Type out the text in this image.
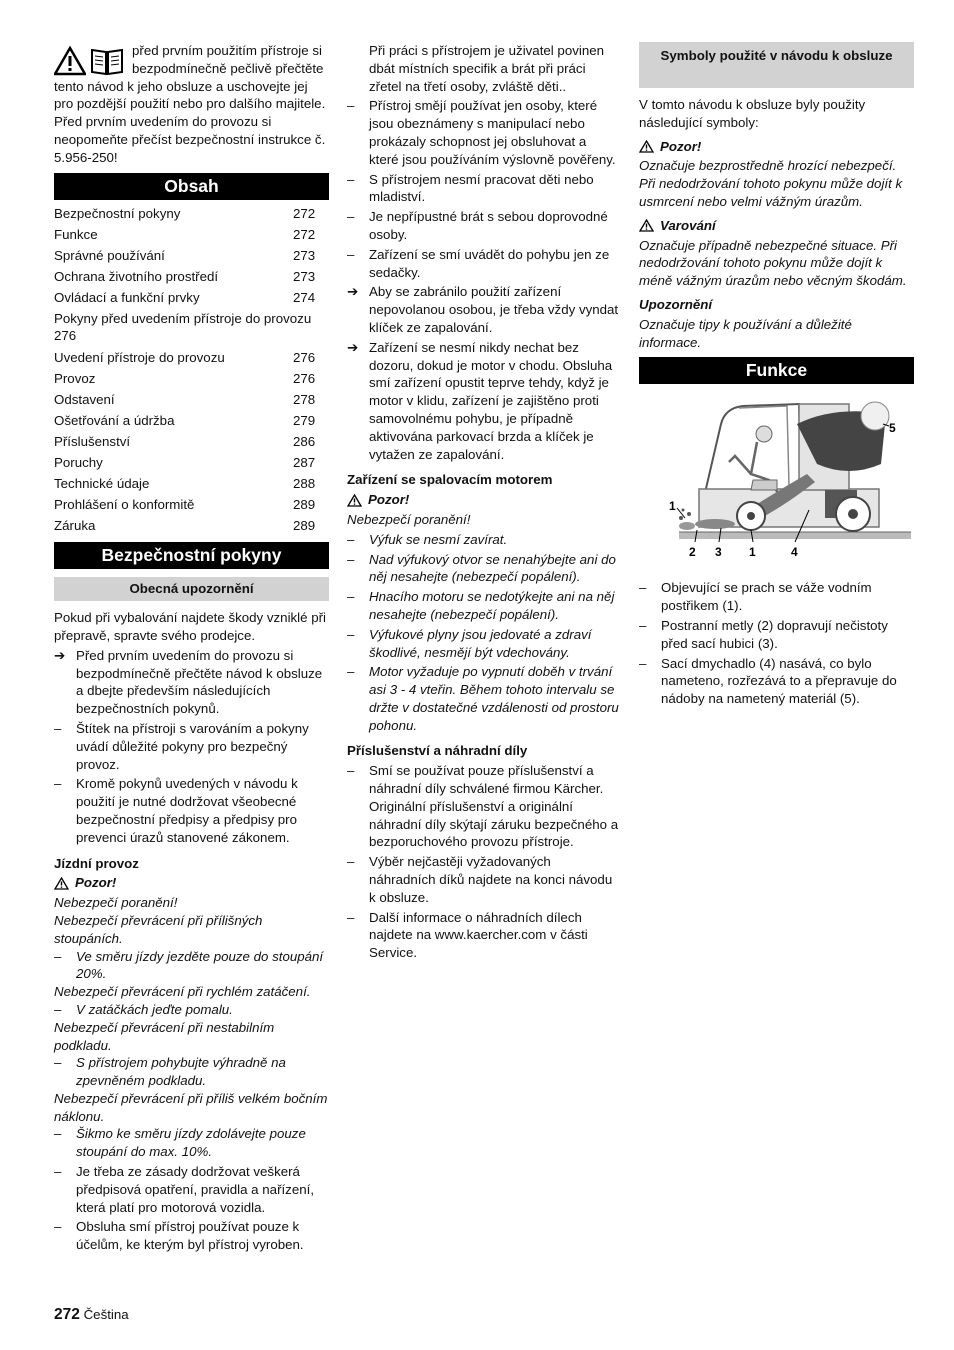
před prvním použitím přístroje si bezpodmínečně pečlivě přečtěte tento návod k jeho obsluze a uschovejte jej pro pozdější použití nebo pro dalšího majitele.

Před prvním uvedením do provozu si neopomeňte přečíst bezpečnostní instrukce č. 5.956-250!

Obsah
Bezpečnostní pokyny	272
Funkce	272
Správné používání	273
Ochrana životního prostředí	273
Ovládací a funkční prvky	274
Pokyny před uvedením přístroje do provozu 276
Uvedení přístroje do provozu	276
Provoz	276
Odstavení	278
Ošetřování a údržba	279
Příslušenství	286
Poruchy	287
Technické údaje	288
Prohlášení o konformitě	289
Záruka	289
Bezpečnostní pokyny
Obecná upozornění

Pokud při vybalování najdete škody vzniklé při přepravě, spravte svého prodejce.

➔ Před prvním uvedením do provozu si bezpodmínečně přečtěte návod k obsluze a dbejte především následujících bezpečnostních pokynů.
–	Štítek na přístroji s varováním a pokyny uvádí důležité pokyny pro bezpečný provoz.
–	Kromě pokynů uvedených v návodu k použití je nutné dodržovat všeobecné bezpečnostní předpisy a předpisy pro prevenci úrazů stanovené zákonem.

Jízdní provoz

Pozor!

Nebezpečí poranění!

Nebezpečí převrácení při přílišných stoupáních.

–	Ve směru jízdy jezděte pouze do stoupání 20%.

Nebezpečí převrácení při rychlém zatáčení.

–	V zatáčkách jeďte pomalu.

Nebezpečí převrácení při nestabilním podkladu.

–	S přístrojem pohybujte výhradně na zpevněném podkladu.

Nebezpečí převrácení při příliš velkém bočním náklonu.

–	Šikmo ke směru jízdy zdolávejte pouze stoupání do max. 10%.
–	Je třeba ze zásady dodržovat veškerá předpisová opatření, pravidla a nařízení, která platí pro motorová vozidla.
–	Obsluha smí přístroj používat pouze k účelům, ke kterým byl přístroj vyroben.

Při práci s přístrojem je uživatel povinen dbát místních specifik a brát při práci zřetel na třetí osoby, zvláště děti..

–	Přístroj smějí používat jen osoby, které jsou obeznámeny s manipulací nebo prokázaly schopnost jej obsluhovat a které jsou používáním výslovně pověřeny.
–	S přístrojem nesmí pracovat děti nebo mladiství.
–	Je nepřípustné brát s sebou doprovodné osoby.
–	Zařízení se smí uvádět do pohybu jen ze sedačky.
➔ Aby se zabránilo použití zařízení nepovolanou osobou, je třeba vždy vyndat klíček ze zapalování.
➔ Zařízení se nesmí nikdy nechat bez dozoru, dokud je motor v chodu. Obsluha smí zařízení opustit teprve tehdy, když je motor v klidu, zařízení je zajištěno proti samovolnému pohybu, je případně aktivována parkovací brzda a klíček je vytažen ze zapalování.

Zařízení se spalovacím motorem

Pozor!

Nebezpečí poranění!

–	Výfuk se nesmí zavírat.
–	Nad výfukový otvor se nenahýbejte ani do něj nesahejte (nebezpečí popálení).
–	Hnacího motoru se nedotýkejte ani na něj nesahejte (nebezpečí popálení).
–	Výfukové plyny jsou jedovaté a zdraví škodlivé, nesmějí být vdechovány.
–	Motor vyžaduje po vypnutí doběh v trvání asi 3 - 4 vteřin. Během tohoto intervalu se držte v dostatečné vzdálenosti od prostoru pohonu.

Příslušenství a náhradní díly

–	Smí se používat pouze příslušenství a náhradní díly schválené firmou Kärcher. Originální příslušenství a originální náhradní díly skýtají záruku bezpečného a bezporuchového provozu přístroje.
–	Výběr nejčastěji vyžadovaných náhradních díků najdete na konci návodu k obsluze.
–	Další informace o náhradních dílech najdete na www.kaercher.com v části Service.
Symboly použité v návodu k obsluze

V tomto návodu k obsluze byly použity následující symboly:

Pozor!

Označuje bezprostředně hrozící nebezpečí. Při nedodržování tohoto pokynu může dojít k usmrcení nebo velmi vážným úrazům.

Varování

Označuje případně nebezpečné situace. Při nedodržování tohoto pokynu může dojít k méně vážným úrazům nebo věcným škodám.

Upozornění

Označuje tipy k používání a důležité informace.

Funkce
1
2 3 1	4
5
–	Objevující se prach se váže vodním postřikem (1).
–	Postranní metly (2) dopravují nečistoty před sací hubici (3).
–	Sací dmychadlo (4) nasává, co bylo nameteno, rozřezává to a přepravuje do nádoby na nametený materiál (5).
272 Čeština
